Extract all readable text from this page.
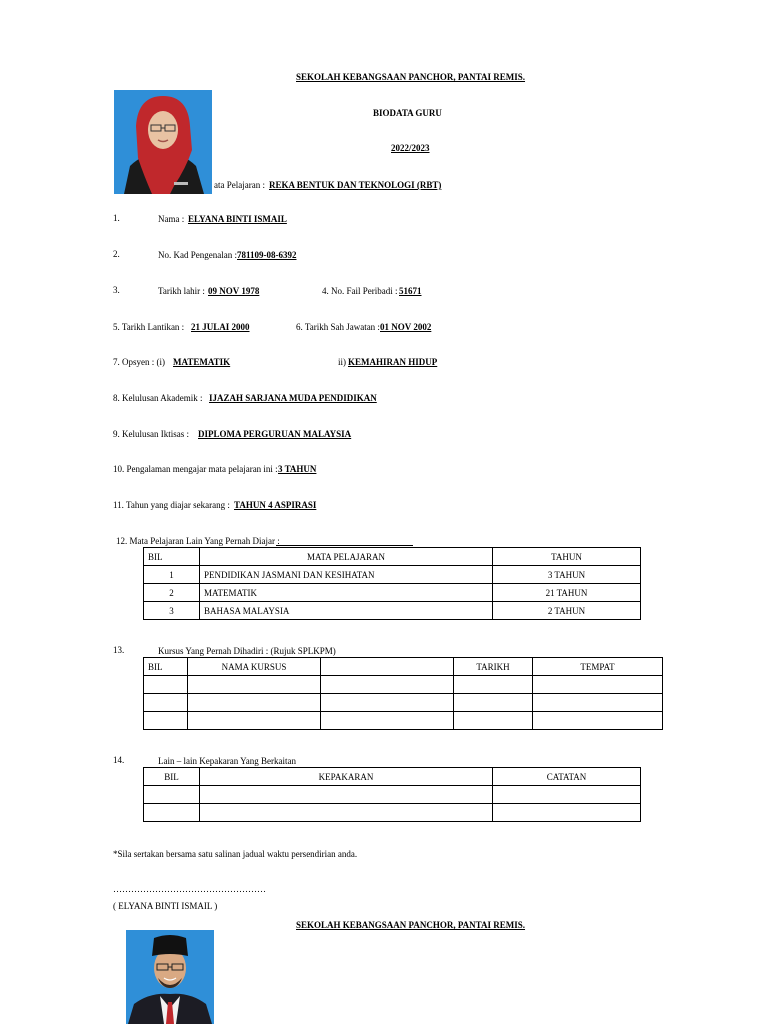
SEKOLAH KEBANGSAAN PANCHOR, PANTAI REMIS.
BIODATA GURU
2022/2023
ata Pelajaran : REKA BENTUK DAN TEKNOLOGI (RBT)
1.	Nama : ELYANA BINTI ISMAIL
2.	No. Kad Pengenalan : 781109-08-6392
3.	Tarikh lahir : 09 NOV 1978	4. No. Fail Peribadi : 51671
5. Tarikh Lantikan : 21 JULAI 2000	6. Tarikh Sah Jawatan : 01 NOV 2002
7. Opsyen : (i) MATEMATIK	ii) KEMAHIRAN HIDUP
8. Kelulusan Akademik : IJAZAH SARJANA MUDA PENDIDIKAN
9. Kelulusan Iktisas : DIPLOMA PERGURUAN MALAYSIA
10. Pengalaman mengajar mata pelajaran ini : 3 TAHUN
11. Tahun yang diajar sekarang : TAHUN 4 ASPIRASI
12. Mata Pelajaran Lain Yang Pernah Diajar :
BIL	MATA PELAJARAN	TAHUN
1	PENDIDIKAN JASMANI DAN KESIHATAN	3 TAHUN
2	MATEMATIK	21 TAHUN
3	BAHASA MALAYSIA	2 TAHUN
13.	Kursus Yang Pernah Dihadiri : (Rujuk SPLKPM)
BIL	NAMA KURSUS		TARIKH	TEMPAT

14.	Lain – lain Kepakaran Yang Berkaitan
BIL	KEPAKARAN	CATATAN

*Sila sertakan bersama satu salinan jadual waktu persendirian anda.
……………………………………………
( ELYANA BINTI ISMAIL )
SEKOLAH KEBANGSAAN PANCHOR, PANTAI REMIS.
